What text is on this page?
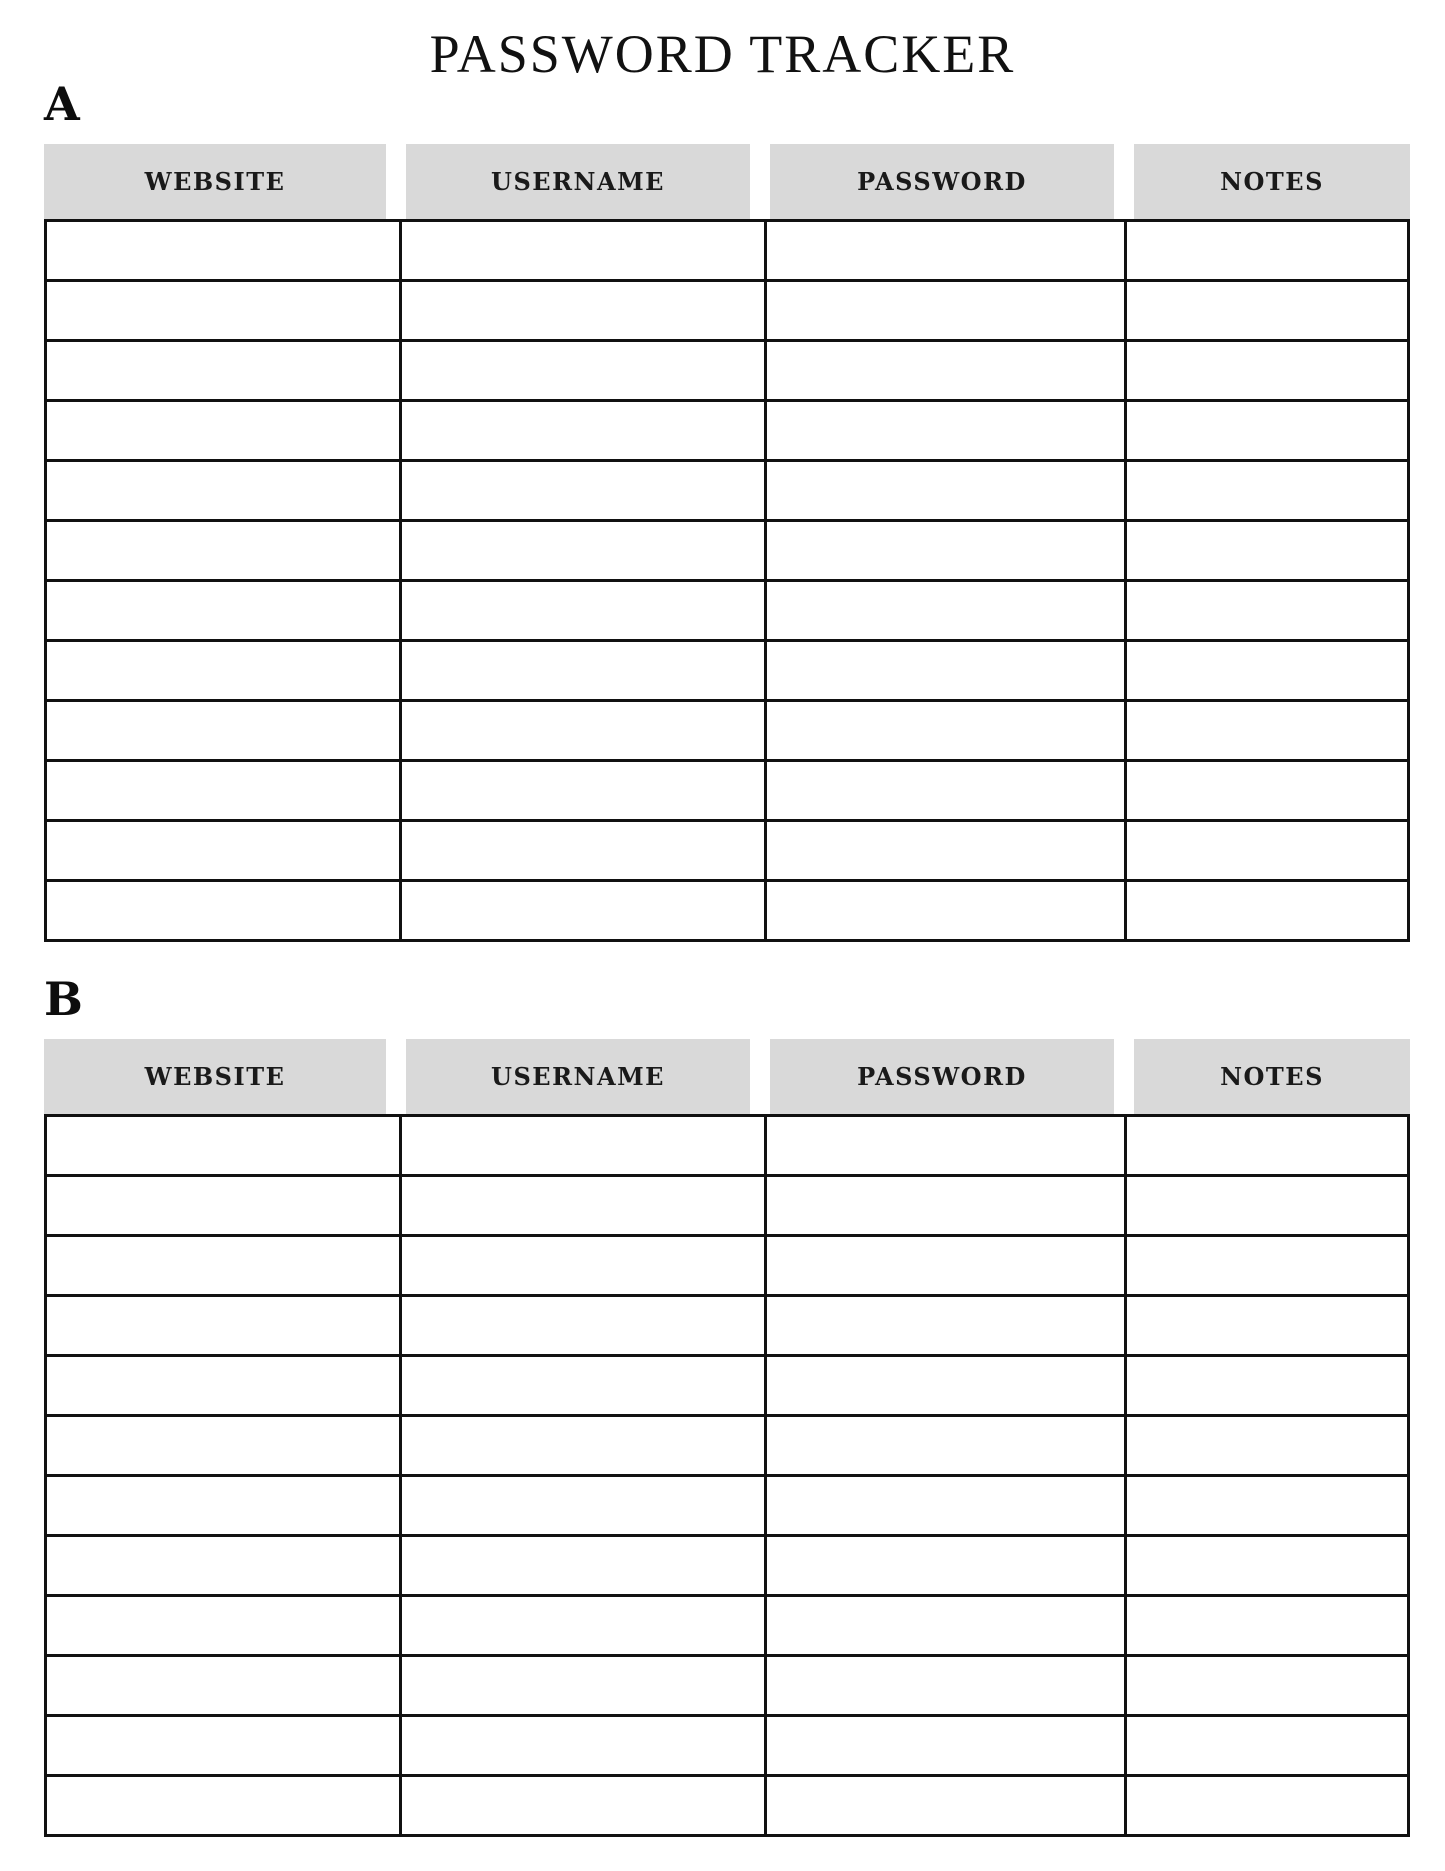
PASSWORD TRACKER
A
WEBSITE	USERNAME	PASSWORD	NOTES
B
WEBSITE	USERNAME	PASSWORD	NOTES
